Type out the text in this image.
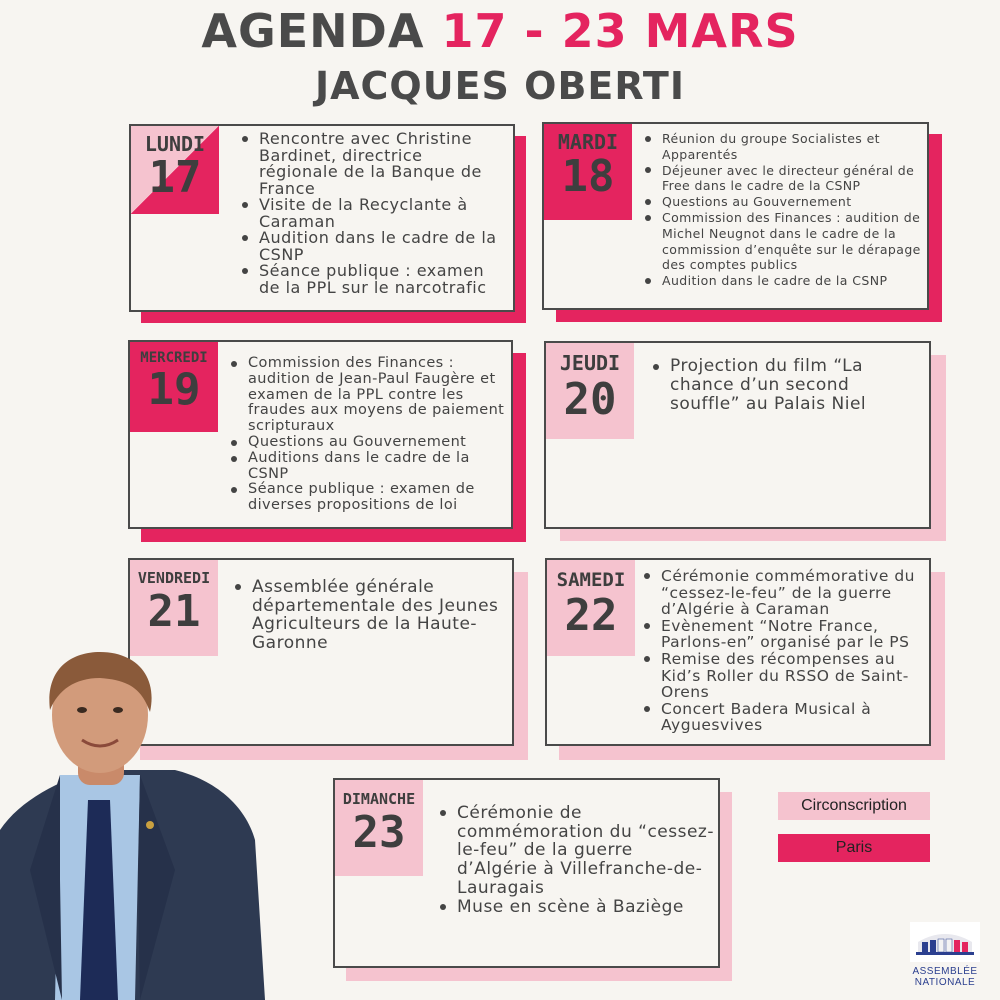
AGENDA 17 - 23 MARS
JACQUES OBERTI
LUNDI
17
Rencontre avec Christine Bardinet, directrice régionale de la Banque de France
Visite de la Recyclante à Caraman
Audition dans le cadre de la CSNP
Séance publique : examen de la PPL sur le narcotrafic
MARDI
18
Réunion du groupe Socialistes et Apparentés
Déjeuner avec le directeur général de Free dans le cadre de la CSNP
Questions au Gouvernement
Commission des Finances : audition de Michel Neugnot dans le cadre de la commission d’enquête sur le dérapage des comptes publics
Audition dans le cadre de la CSNP
MERCREDI
19
Commission des Finances : audition de Jean-Paul Faugère et examen de la PPL contre les fraudes aux moyens de paiement scripturaux
Questions au Gouvernement
Auditions dans le cadre de la CSNP
Séance publique : examen de diverses propositions de loi
JEUDI
20
Projection du film “La chance d’un second souffle” au Palais Niel
VENDREDI
21	Assemblée générale départementale des Jeunes Agriculteurs de la Haute-Garonne
SAMEDI
22
Cérémonie commémorative du “cessez-le-feu” de la guerre d’Algérie à Caraman
Evènement “Notre France, Parlons-en” organisé par le PS
Remise des récompenses au Kid’s Roller du RSSO de Saint-Orens
Concert Badera Musical à Ayguesvives
DIMANCHE
23	Cérémonie de commémoration du “cessez-le-feu” de la guerre d’Algérie à Villefranche-de-Lauragais
Muse en scène à Baziège
Circonscription
Paris
ASSEMBLÉE
NATIONALE
